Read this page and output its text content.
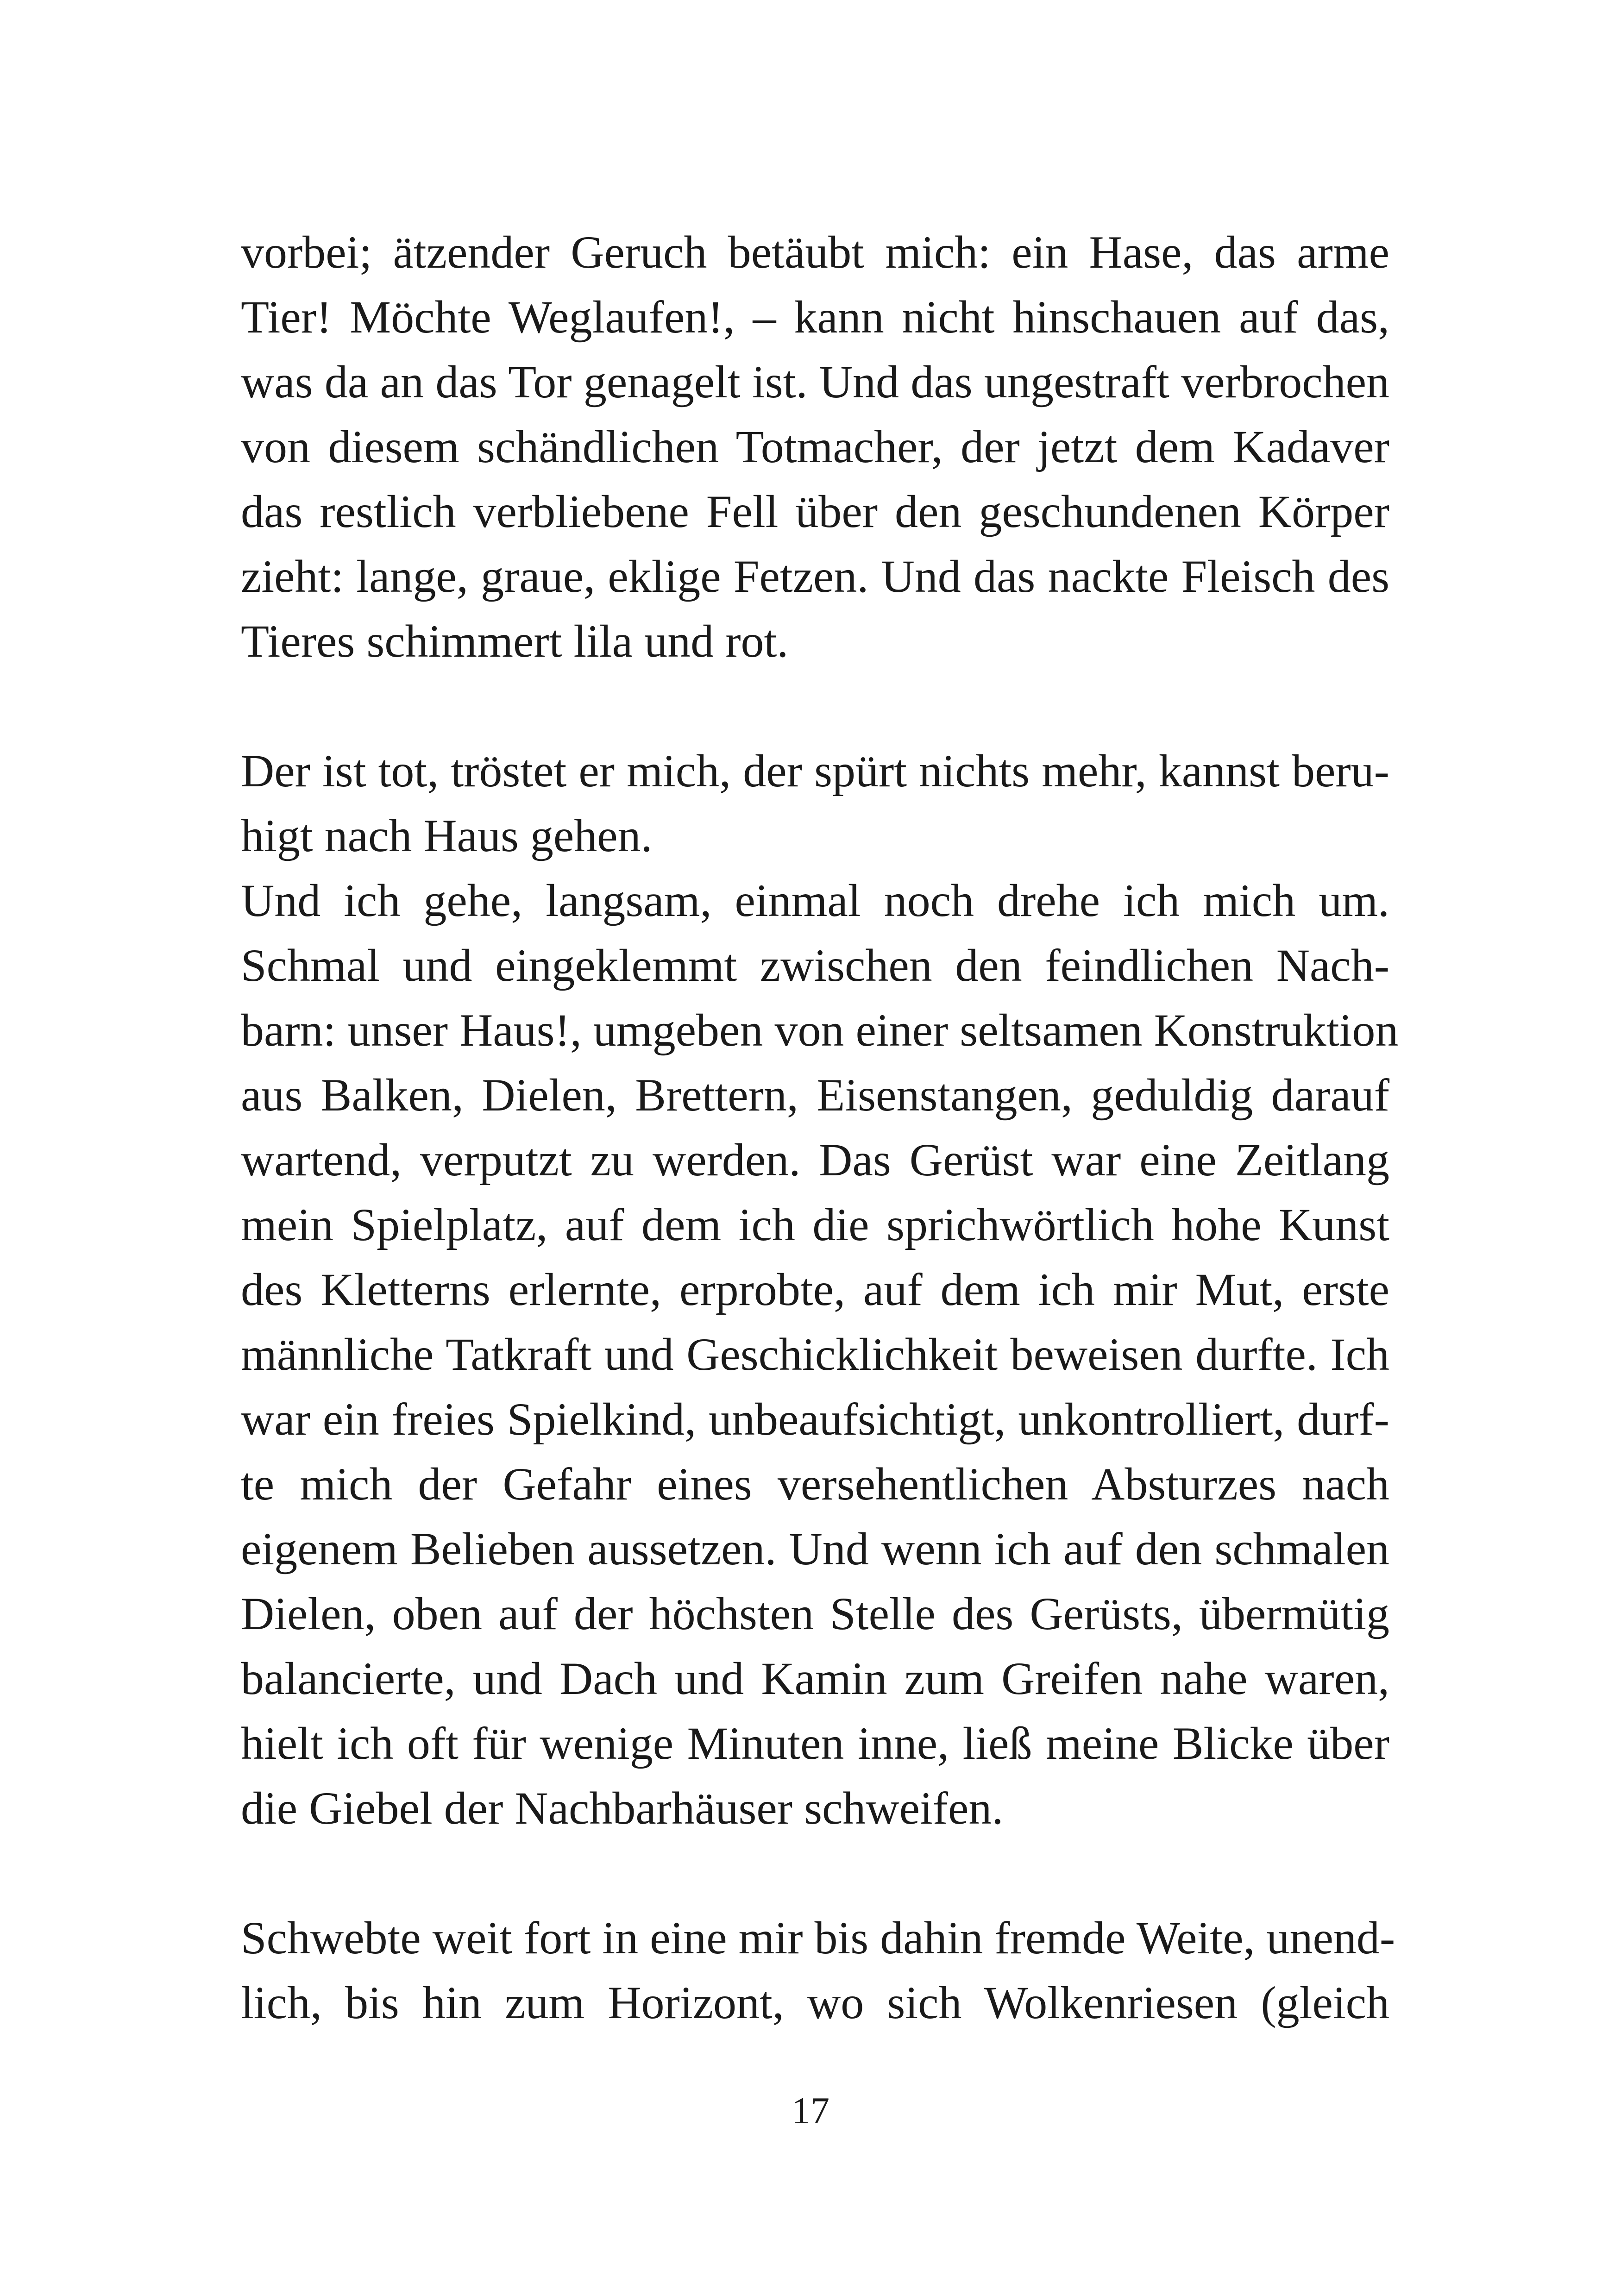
vorbei; ätzender Geruch betäubt mich: ein Hase, das arme
Tier! Möchte Weglaufen!, – kann nicht hinschauen auf das,
was da an das Tor genagelt ist. Und das ungestraft verbrochen
von diesem schändlichen Totmacher, der jetzt dem Kadaver
das restlich verbliebene Fell über den geschundenen Körper
zieht: lange, graue, eklige Fetzen. Und das nackte Fleisch des
Tieres schimmert lila und rot.
Der ist tot, tröstet er mich, der spürt nichts mehr, kannst beru-
higt nach Haus gehen.
Und ich gehe, langsam, einmal noch drehe ich mich um.
Schmal und eingeklemmt zwischen den feindlichen Nach-
barn: unser Haus!, umgeben von einer seltsamen Konstruktion
aus Balken, Dielen, Brettern, Eisenstangen, geduldig darauf
wartend, verputzt zu werden. Das Gerüst war eine Zeitlang
mein Spielplatz, auf dem ich die sprichwörtlich hohe Kunst
des Kletterns erlernte, erprobte, auf dem ich mir Mut, erste
männliche Tatkraft und Geschicklichkeit beweisen durfte. Ich
war ein freies Spielkind, unbeaufsichtigt, unkontrolliert, durf-
te mich der Gefahr eines versehentlichen Absturzes nach
eigenem Belieben aussetzen. Und wenn ich auf den schmalen
Dielen, oben auf der höchsten Stelle des Gerüsts, übermütig
balancierte, und Dach und Kamin zum Greifen nahe waren,
hielt ich oft für wenige Minuten inne, ließ meine Blicke über
die Giebel der Nachbarhäuser schweifen.
Schwebte weit fort in eine mir bis dahin fremde Weite, unend-
lich, bis hin zum Horizont, wo sich Wolkenriesen (gleich
17
